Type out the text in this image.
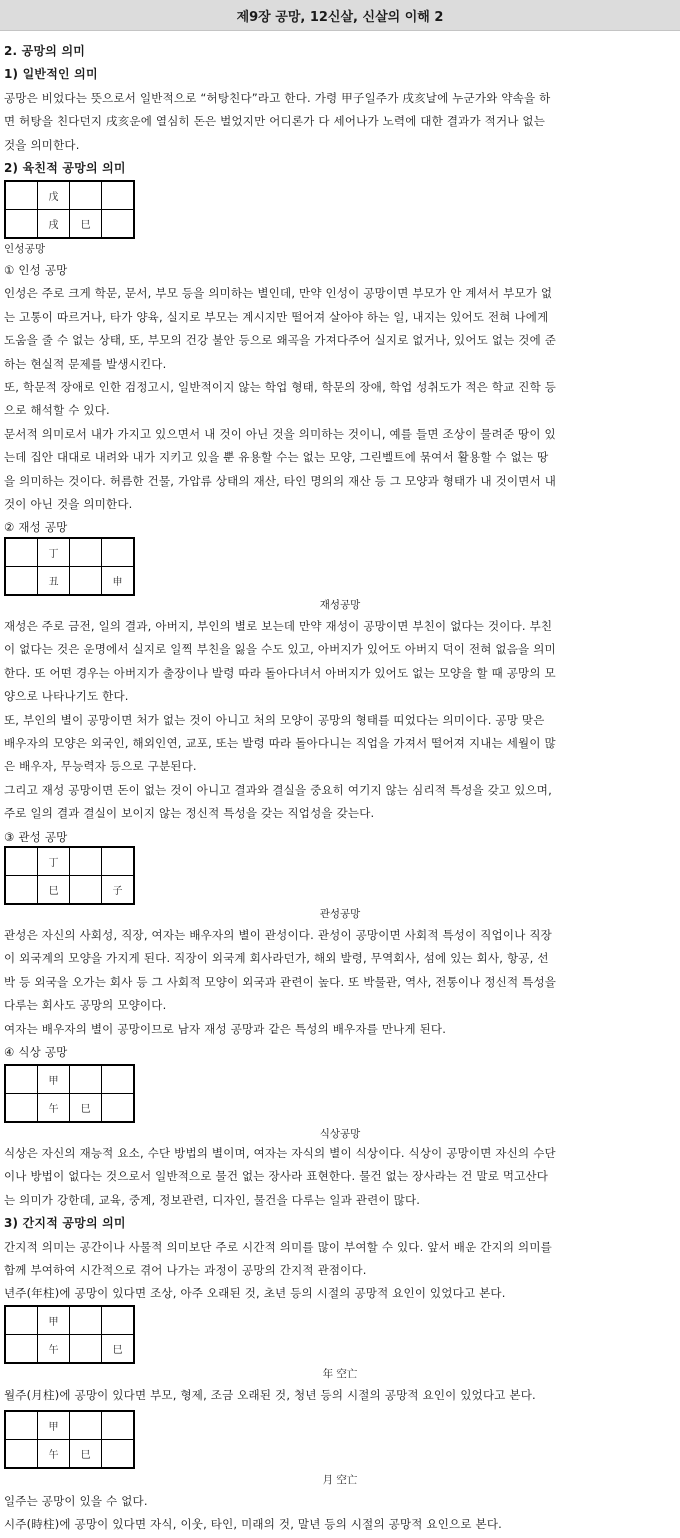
제9장 공망, 12신살, 신살의 이해 2

2. 공망의 의미

1) 일반적인 의미

공망은 비었다는 뜻으로서 일반적으로 “허탕친다”라고 한다. 가령 甲子일주가 戌亥날에 누군가와 약속을 하

면 허탕을 친다던지 戌亥운에 열심히 돈은 벌었지만 어디론가 다 세어나가 노력에 대한 결과가 적거나 없는

것을 의미한다.

2) 육친적 공망의 의미

	戊		
	戌	巳	

인성공망

① 인성 공망

인성은 주로 크게 학문, 문서, 부모 등을 의미하는 별인데, 만약 인성이 공망이면 부모가 안 계셔서 부모가 없

는 고통이 따르거나, 타가 양육, 실지로 부모는 계시지만 떨어져 살아야 하는 일, 내지는 있어도 전혀 나에게

도움을 줄 수 없는 상태, 또, 부모의 건강 불안 등으로 왜곡을 가져다주어 실지로 없거나, 있어도 없는 것에 준

하는 현실적 문제를 발생시킨다.

또, 학문적 장애로 인한 검정고시, 일반적이지 않는 학업 형태, 학문의 장애, 학업 성취도가 적은 학교 진학 등

으로 해석할 수 있다.

문서적 의미로서 내가 가지고 있으면서 내 것이 아닌 것을 의미하는 것이니, 예를 들면 조상이 물려준 땅이 있

는데 집안 대대로 내려와 내가 지키고 있을 뿐 유용할 수는 없는 모양, 그린벨트에 묶여서 활용할 수 없는 땅

을 의미하는 것이다. 허름한 건물, 가압류 상태의 재산, 타인 명의의 재산 등 그 모양과 형태가 내 것이면서 내

것이 아닌 것을 의미한다.

② 재성 공망

	丁		
	丑		申
재성공망

재성은 주로 금전, 일의 결과, 아버지, 부인의 별로 보는데 만약 재성이 공망이면 부친이 없다는 것이다. 부친

이 없다는 것은 운명에서 실지로 일찍 부친을 잃을 수도 있고, 아버지가 있어도 아버지 덕이 전혀 없음을 의미

한다. 또 어떤 경우는 아버지가 출장이나 발령 따라 돌아다녀서 아버지가 있어도 없는 모양을 할 때 공망의 모

양으로 나타나기도 한다.

또, 부인의 별이 공망이면 처가 없는 것이 아니고 처의 모양이 공망의 형태를 띠었다는 의미이다. 공망 맞은

배우자의 모양은 외국인, 해외인연, 교포, 또는 발령 따라 돌아다니는 직업을 가져서 떨어져 지내는 세월이 많

은 배우자, 무능력자 등으로 구분된다.

그리고 재성 공망이면 돈이 없는 것이 아니고 결과와 결실을 중요히 여기지 않는 심리적 특성을 갖고 있으며,

주로 일의 결과 결실이 보이지 않는 정신적 특성을 갖는 직업성을 갖는다.

③ 관성 공망

	丁		
	巳		子
관성공망

관성은 자신의 사회성, 직장, 여자는 배우자의 별이 관성이다. 관성이 공망이면 사회적 특성이 직업이나 직장

이 외국계의 모양을 가지게 된다. 직장이 외국계 회사라던가, 해외 발령, 무역회사, 섬에 있는 회사, 항공, 선

박 등 외국을 오가는 회사 등 그 사회적 모양이 외국과 관련이 높다. 또 박물관, 역사, 전통이나 정신적 특성을

다루는 회사도 공망의 모양이다.

여자는 배우자의 별이 공망이므로 남자 재성 공망과 같은 특성의 배우자를 만나게 된다.

④ 식상 공망

	甲		
	午	巳	
식상공망

식상은 자신의 재능적 요소, 수단 방법의 별이며, 여자는 자식의 별이 식상이다. 식상이 공망이면 자신의 수단

이나 방법이 없다는 것으로서 일반적으로 물건 없는 장사라 표현한다. 물건 없는 장사라는 건 말로 먹고산다

는 의미가 강한데, 교육, 중계, 정보관련, 디자인, 물건을 다루는 일과 관련이 많다.

3) 간지적 공망의 의미

간지적 의미는 공간이나 사물적 의미보단 주로 시간적 의미를 많이 부여할 수 있다. 앞서 배운 간지의 의미를

함께 부여하여 시간적으로 겪어 나가는 과정이 공망의 간지적 관점이다.

년주(年柱)에 공망이 있다면 조상, 아주 오래된 것, 초년 등의 시절의 공망적 요인이 있었다고 본다.

	甲		
	午		巳
年 空亡

월주(月柱)에 공망이 있다면 부모, 형제, 조금 오래된 것, 청년 등의 시절의 공망적 요인이 있었다고 본다.

	甲		
	午	巳	
月 空亡

일주는 공망이 있을 수 없다.

시주(時柱)에 공망이 있다면 자식, 이웃, 타인, 미래의 것, 말년 등의 시절의 공망적 요인으로 본다.
